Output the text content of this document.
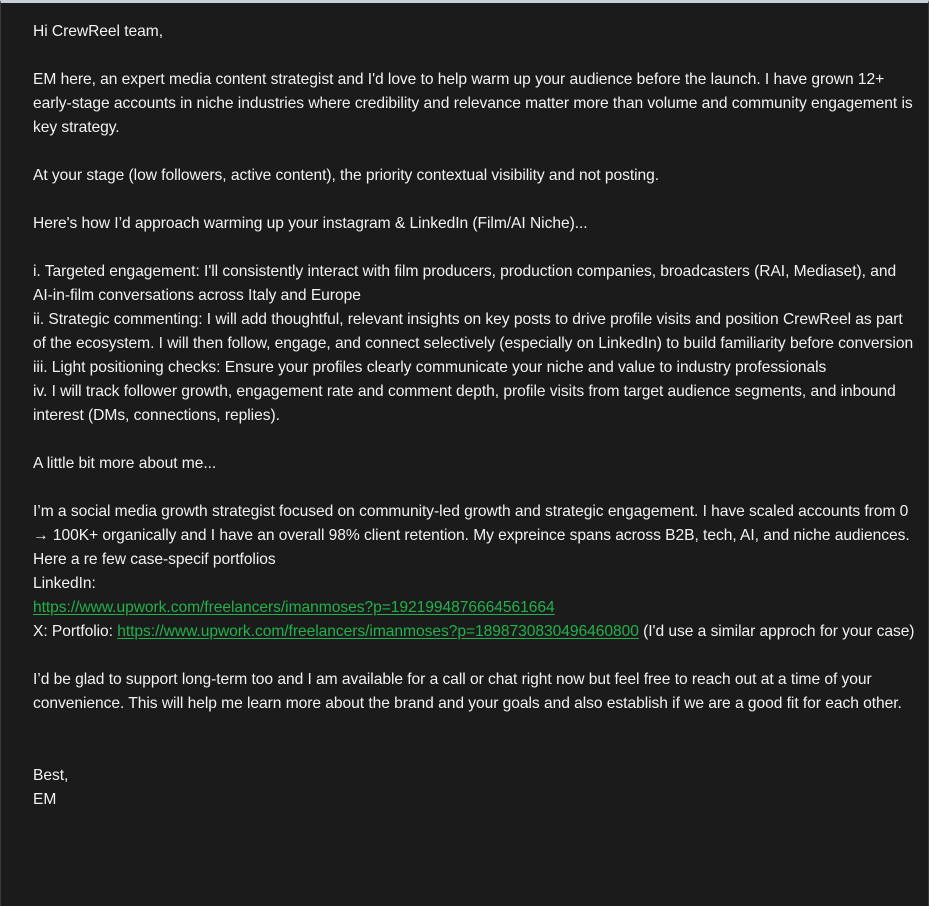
Hi CrewReel team,

EM here, an expert media content strategist and I'd love to help warm up your audience before the launch. I have grown 12+ early-stage accounts in niche industries where credibility and relevance matter more than volume and community engagement is key strategy.

At your stage (low followers, active content), the priority contextual visibility and not posting.

Here's how I’d approach warming up your instagram & LinkedIn (Film/AI Niche)...

i. Targeted engagement: I'll consistently interact with film producers, production companies, broadcasters (RAI, Mediaset), and AI-in-film conversations across Italy and Europe
ii. Strategic commenting: I will add thoughtful, relevant insights on key posts to drive profile visits and position CrewReel as part of the ecosystem. I will then follow, engage, and connect selectively (especially on LinkedIn) to build familiarity before conversion
iii. Light positioning checks: Ensure your profiles clearly communicate your niche and value to industry professionals
iv. I will track follower growth, engagement rate and comment depth, profile visits from target audience segments, and inbound interest (DMs, connections, replies).

A little bit more about me...

I’m a social media growth strategist focused on community-led growth and strategic engagement. I have scaled accounts from 0 → 100K+ organically and I have an overall 98% client retention. My expreince spans across B2B, tech, AI, and niche audiences.
Here a re few case-specif portfolios
LinkedIn:
https://www.upwork.com/freelancers/imanmoses?p=1921994876664561664
X: Portfolio: https://www.upwork.com/freelancers/imanmoses?p=1898730830496460800 (I'd use a similar approch for your case)

I’d be glad to support long-term too and I am available for a call or chat right now but feel free to reach out at a time of your convenience. This will help me learn more about the brand and your goals and also establish if we are a good fit for each other.

Best,
EM
